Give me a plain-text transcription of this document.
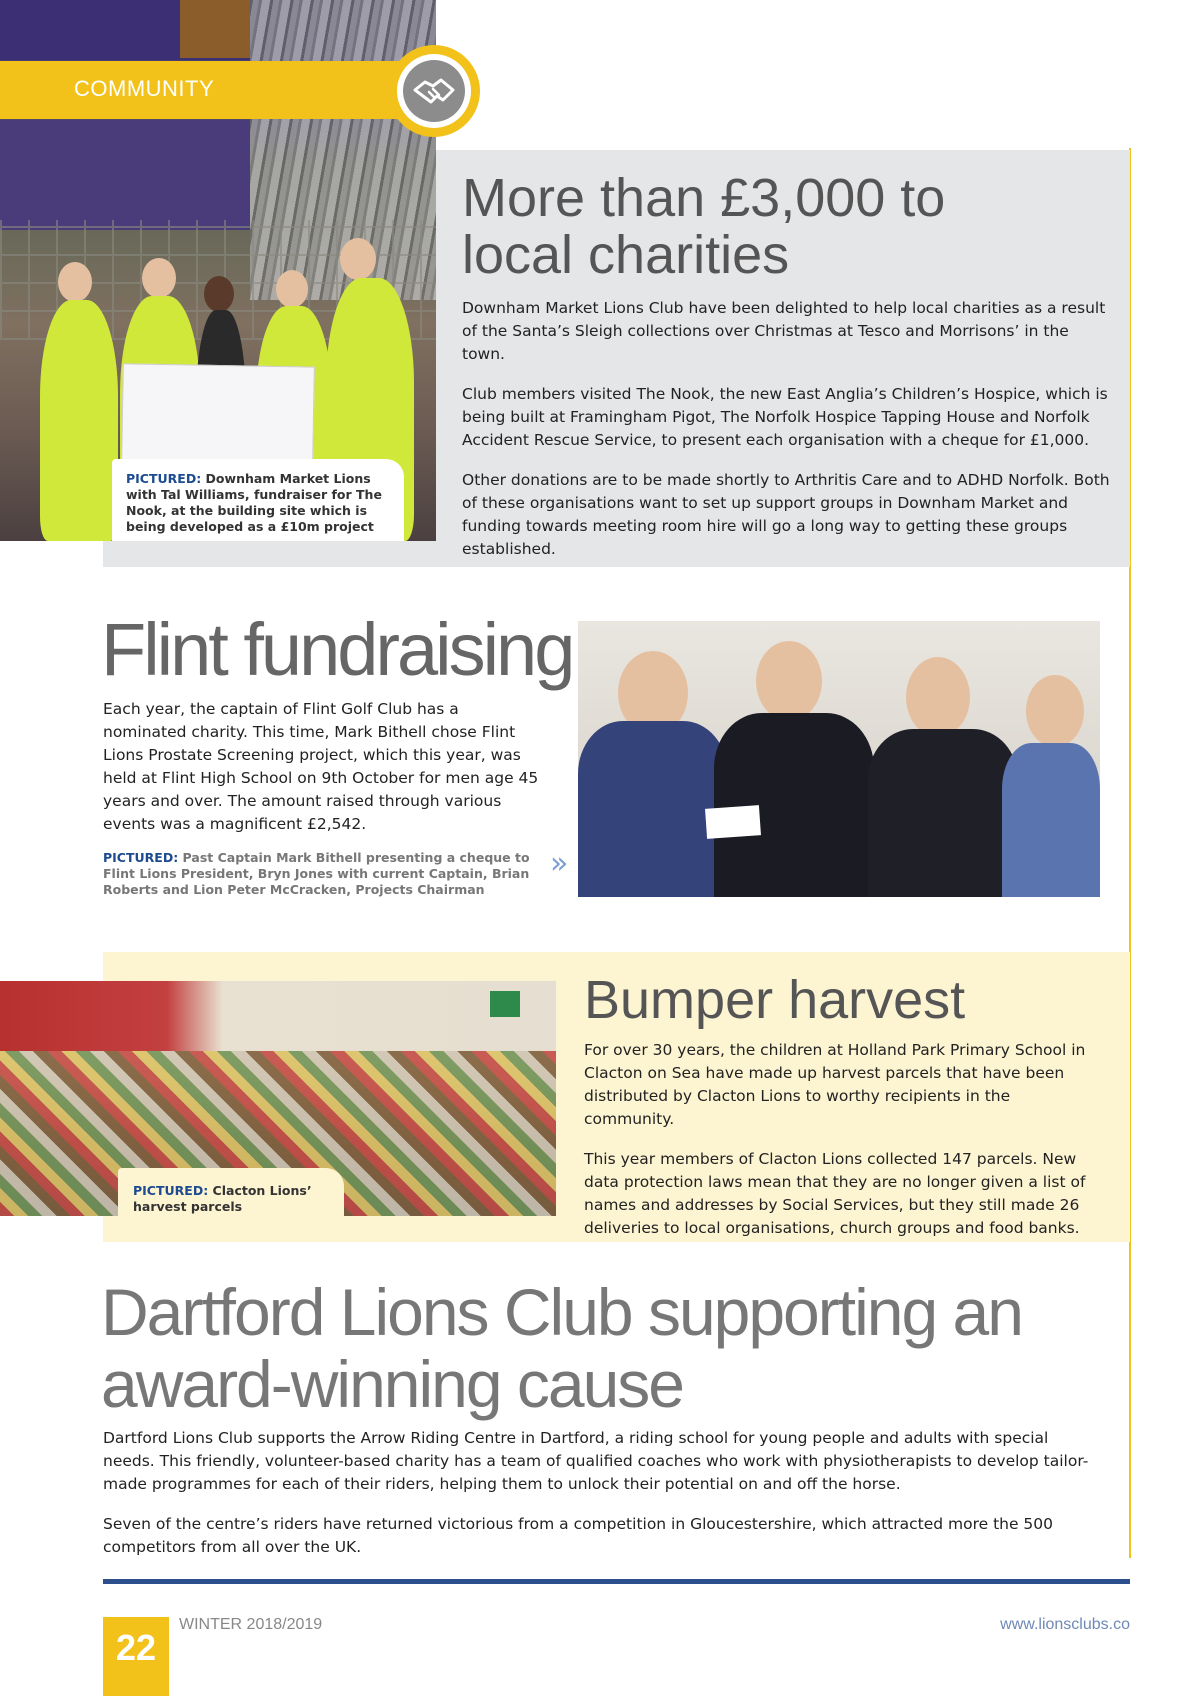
COMMUNITY
PICTURED: Downham Market Lions with Tal Williams, fundraiser for The Nook, at the building site which is being developed as a £10m project
More than £3,000 to
local charities

Downham Market Lions Club have been delighted to help local charities as a result of the Santa’s Sleigh collections over Christmas at Tesco and Morrisons’ in the town.

Club members visited The Nook, the new East Anglia’s Children’s Hospice, which is being built at Framingham Pigot, The Norfolk Hospice Tapping House and Norfolk Accident Rescue Service, to present each organisation with a cheque for £1,000.

Other donations are to be made shortly to Arthritis Care and to ADHD Norfolk. Both of these organisations want to set up support groups in Downham Market and funding towards meeting room hire will go a long way to getting these groups established.

Flint fundraising
Each year, the captain of Flint Golf Club has a nominated charity. This time, Mark Bithell chose Flint Lions Prostate Screening project, which this year, was held at Flint High School on 9th October for men age 45 years and over. The amount raised through various events was a magnificent £2,542.
PICTURED: Past Captain Mark Bithell presenting a cheque to Flint Lions President, Bryn Jones with current Captain, Brian Roberts and Lion Peter McCracken, Projects Chairman
»
PICTURED: Clacton Lions’ harvest parcels
Bumper harvest

For over 30 years, the children at Holland Park Primary School in Clacton on Sea have made up harvest parcels that have been distributed by Clacton Lions to worthy recipients in the community.

This year members of Clacton Lions collected 147 parcels. New data protection laws mean that they are no longer given a list of names and addresses by Social Services, but they still made 26 deliveries to local organisations, church groups and food banks.

Dartford Lions Club supporting an
award-winning cause

Dartford Lions Club supports the Arrow Riding Centre in Dartford, a riding school for young people and adults with special needs. This friendly, volunteer-based charity has a team of qualified coaches who work with physiotherapists to develop tailor-made programmes for each of their riders, helping them to unlock their potential on and off the horse.

Seven of the centre’s riders have returned victorious from a competition in Gloucestershire, which attracted more the 500 competitors from all over the UK.

22
WINTER 2018/2019	www.lionsclubs.co
